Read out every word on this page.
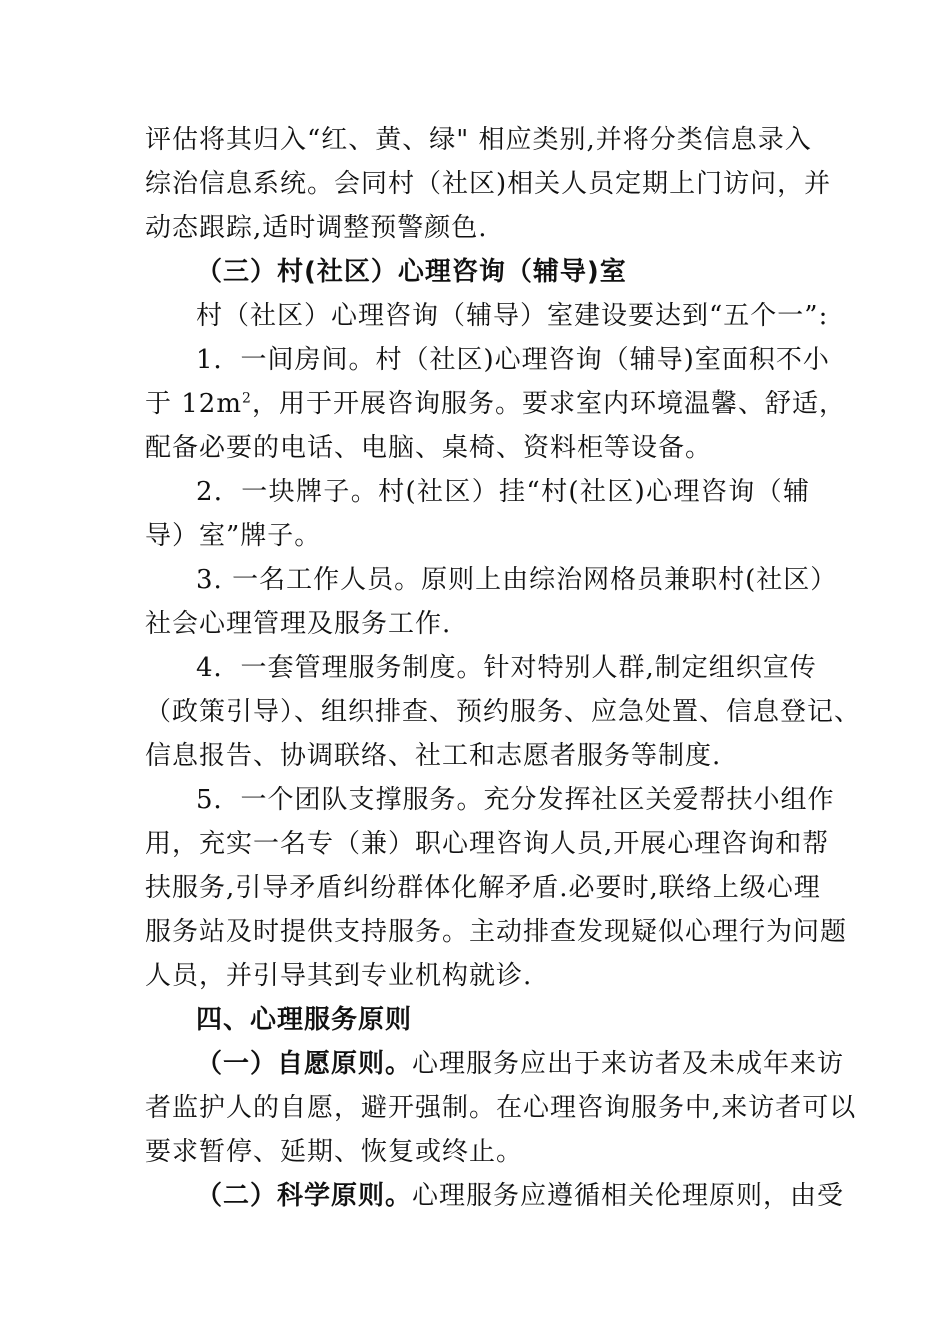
评估将其归入“红、黄、绿" 相应类别,并将分类信息录入
综治信息系统。会同村（社区)相关人员定期上门访问，并
动态跟踪,适时调整预警颜色.
（三）村(社区）心理咨询（辅导)室
村（社区）心理咨询（辅导）室建设要达到“五个一”:
1．一间房间。村（社区)心理咨询（辅导)室面积不小
于 $12m^2$，用于开展咨询服务。要求室内环境温馨、舒适，
配备必要的电话、电脑、桌椅、资料柜等设备。
2．一块牌子。村(社区）挂“村(社区)心理咨询（辅
导）室”牌子。
3. 一名工作人员。原则上由综治网格员兼职村(社区）
社会心理管理及服务工作.
4．一套管理服务制度。针对特别人群,制定组织宣传
（政策引导）、组织排查、预约服务、应急处置、信息登记、
信息报告、协调联络、社工和志愿者服务等制度.
5．一个团队支撑服务。充分发挥社区关爱帮扶小组作
用，充实一名专（兼）职心理咨询人员,开展心理咨询和帮
扶服务,引导矛盾纠纷群体化解矛盾.必要时,联络上级心理
服务站及时提供支持服务。主动排查发现疑似心理行为问题
人员，并引导其到专业机构就诊.
四、心理服务原则
（一）自愿原则。心理服务应出于来访者及未成年来访
者监护人的自愿，避开强制。在心理咨询服务中,来访者可以
要求暂停、延期、恢复或终止。
（二）科学原则。心理服务应遵循相关伦理原则，由受
